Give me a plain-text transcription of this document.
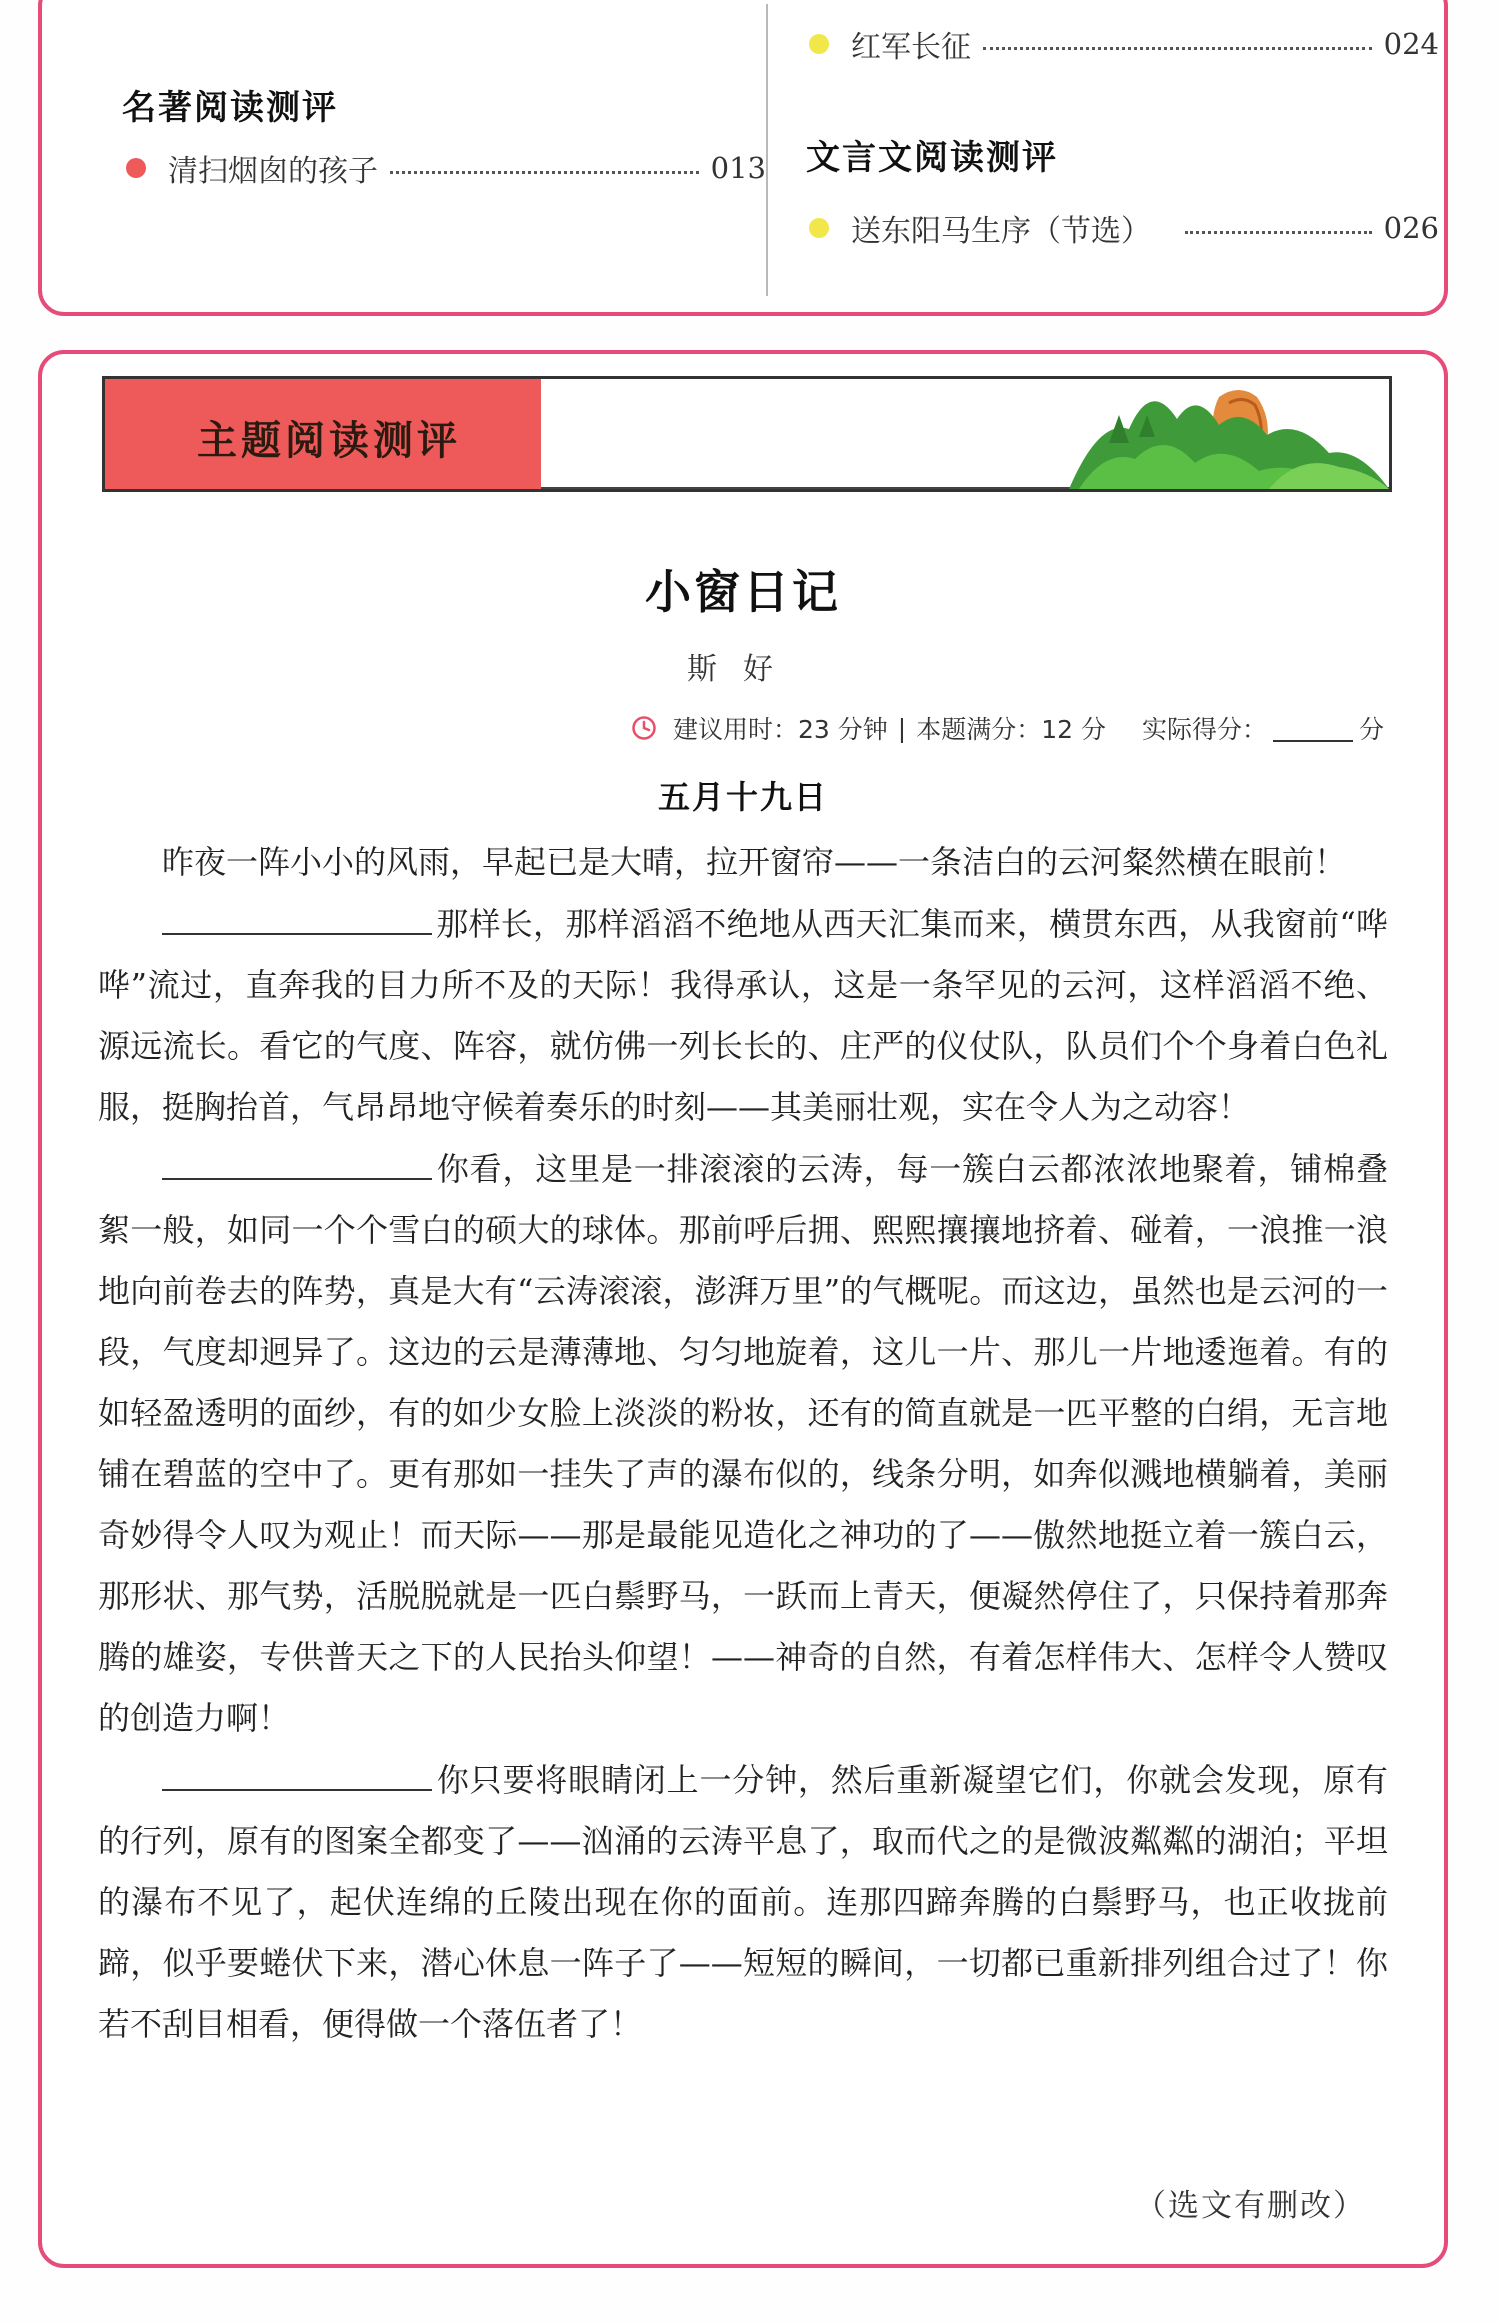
名著阅读测评
清扫烟囱的孩子	013
红军长征	024
文言文阅读测评
送东阳马生序（节选）	026
主题阅读测评
小窗日记
斯好
建议用时：23 分钟 | 本题满分：12 分 实际得分：	分
五月十九日

昨夜一阵小小的风雨，早起已是大晴，拉开窗帘——一条洁白的云河粲然横在眼前！

那样长，那样滔滔不绝地从西天汇集而来，横贯东西，从我窗前“哗哗”流过，直奔我的目力所不及的天际！我得承认，这是一条罕见的云河，这样滔滔不绝、源远流长。看它的气度、阵容，就仿佛一列长长的、庄严的仪仗队，队员们个个身着白色礼服，挺胸抬首，气昂昂地守候着奏乐的时刻——其美丽壮观，实在令人为之动容！

你看，这里是一排滚滚的云涛，每一簇白云都浓浓地聚着，铺棉叠絮一般，如同一个个雪白的硕大的球体。那前呼后拥、熙熙攘攘地挤着、碰着，一浪推一浪地向前卷去的阵势，真是大有“云涛滚滚，澎湃万里”的气概呢。而这边，虽然也是云河的一段，气度却迥异了。这边的云是薄薄地、匀匀地旋着，这儿一片、那儿一片地逶迤着。有的如轻盈透明的面纱，有的如少女脸上淡淡的粉妆，还有的简直就是一匹平整的白绢，无言地铺在碧蓝的空中了。更有那如一挂失了声的瀑布似的，线条分明，如奔似溅地横躺着，美丽奇妙得令人叹为观止！而天际——那是最能见造化之神功的了——傲然地挺立着一簇白云，那形状、那气势，活脱脱就是一匹白鬃野马，一跃而上青天，便凝然停住了，只保持着那奔腾的雄姿，专供普天之下的人民抬头仰望！——神奇的自然，有着怎样伟大、怎样令人赞叹的创造力啊！

你只要将眼睛闭上一分钟，然后重新凝望它们，你就会发现，原有的行列，原有的图案全都变了——汹涌的云涛平息了，取而代之的是微波粼粼的湖泊；平坦的瀑布不见了，起伏连绵的丘陵出现在你的面前。连那四蹄奔腾的白鬃野马，也正收拢前蹄，似乎要蜷伏下来，潜心休息一阵子了——短短的瞬间，一切都已重新排列组合过了！你若不刮目相看，便得做一个落伍者了！

（选文有删改）
